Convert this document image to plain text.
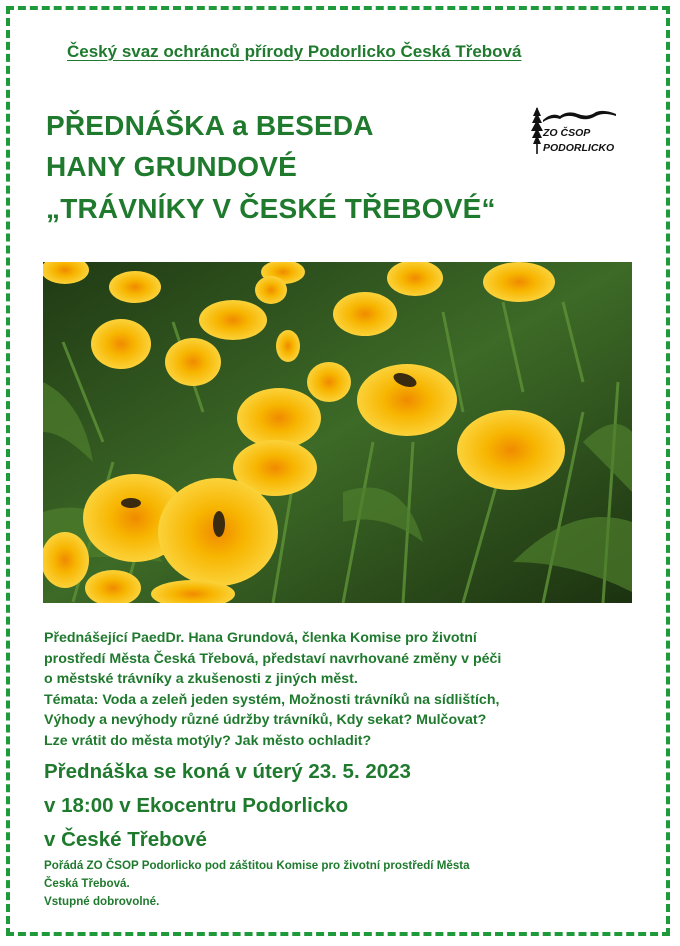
Český svaz ochránců přírody Podorlicko Česká Třebová
PŘEDNÁŠKA a BESEDA
HANY GRUNDOVÉ
„TRÁVNÍKY V ČESKÉ TŘEBOVÉ“
ZO ČSOP
PODORLICKO
Přednášející PaedDr. Hana Grundová, členka Komise pro životní
prostředí Města Česká Třebová, představí navrhované změny v péči
o městské trávníky a zkušenosti z jiných měst.
Témata: Voda a zeleň jeden systém, Možnosti trávníků na sídlištích,
Výhody a nevýhody různé údržby trávníků, Kdy sekat? Mulčovat?
Lze vrátit do města motýly? Jak město ochladit?
Přednáška se koná v úterý 23. 5. 2023
v 18:00 v Ekocentru Podorlicko
v České Třebové
Pořádá ZO ČSOP Podorlicko pod záštitou Komise pro životní prostředí Města
Česká Třebová.
Vstupné dobrovolné.
